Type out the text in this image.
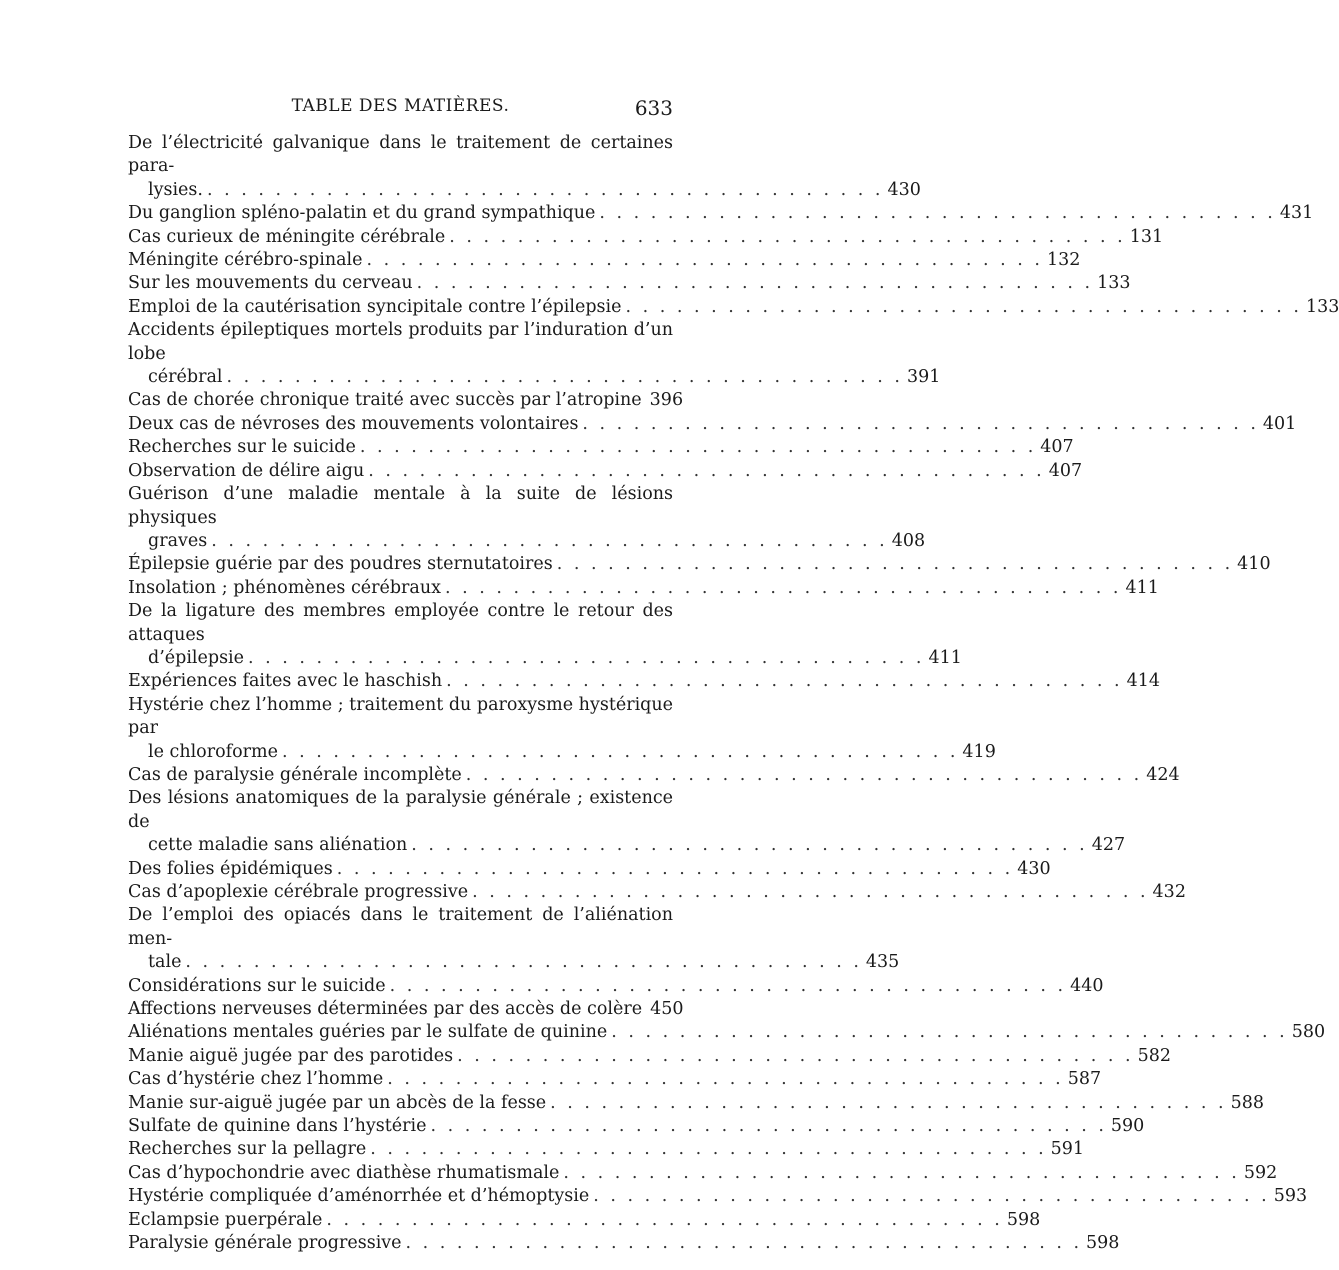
TABLE DES MATIÈRES.	633
De l’électricité galvanique dans le traitement de certaines para-
lysies. . . . . . . . . . . . . . . . . . . . . . . . . . . . . . . . . . . . . . . . . 430
Du ganglion spléno-palatin et du grand sympathique . . . . . . . . . . . . . . . . . . . . . . . . . . . . . . . . . . . . . . . . 431
Cas curieux de méningite cérébrale . . . . . . . . . . . . . . . . . . . . . . . . . . . . . . . . . . . . . . . . 131
Méningite cérébro-spinale . . . . . . . . . . . . . . . . . . . . . . . . . . . . . . . . . . . . . . . . 132
Sur les mouvements du cerveau . . . . . . . . . . . . . . . . . . . . . . . . . . . . . . . . . . . . . . . . 133
Emploi de la cautérisation syncipitale contre l’épilepsie . . . . . . . . . . . . . . . . . . . . . . . . . . . . . . . . . . . . . . . . 133
Accidents épileptiques mortels produits par l’induration d’un lobe
cérébral . . . . . . . . . . . . . . . . . . . . . . . . . . . . . . . . . . . . . . . . 391
Cas de chorée chronique traité avec succès par l’atropine 396
Deux cas de névroses des mouvements volontaires . . . . . . . . . . . . . . . . . . . . . . . . . . . . . . . . . . . . . . . . 401
Recherches sur le suicide . . . . . . . . . . . . . . . . . . . . . . . . . . . . . . . . . . . . . . . . 407
Observation de délire aigu . . . . . . . . . . . . . . . . . . . . . . . . . . . . . . . . . . . . . . . . 407
Guérison d’une maladie mentale à la suite de lésions physiques
graves . . . . . . . . . . . . . . . . . . . . . . . . . . . . . . . . . . . . . . . . 408
Épilepsie guérie par des poudres sternutatoires . . . . . . . . . . . . . . . . . . . . . . . . . . . . . . . . . . . . . . . . 410
Insolation ; phénomènes cérébraux . . . . . . . . . . . . . . . . . . . . . . . . . . . . . . . . . . . . . . . . 411
De la ligature des membres employée contre le retour des attaques
d’épilepsie . . . . . . . . . . . . . . . . . . . . . . . . . . . . . . . . . . . . . . . . 411
Expériences faites avec le haschish . . . . . . . . . . . . . . . . . . . . . . . . . . . . . . . . . . . . . . . . 414
Hystérie chez l’homme ; traitement du paroxysme hystérique par
le chloroforme . . . . . . . . . . . . . . . . . . . . . . . . . . . . . . . . . . . . . . . . 419
Cas de paralysie générale incomplète . . . . . . . . . . . . . . . . . . . . . . . . . . . . . . . . . . . . . . . . 424
Des lésions anatomiques de la paralysie générale ; existence de
cette maladie sans aliénation . . . . . . . . . . . . . . . . . . . . . . . . . . . . . . . . . . . . . . . . 427
Des folies épidémiques . . . . . . . . . . . . . . . . . . . . . . . . . . . . . . . . . . . . . . . . 430
Cas d’apoplexie cérébrale progressive . . . . . . . . . . . . . . . . . . . . . . . . . . . . . . . . . . . . . . . . 432
De l’emploi des opiacés dans le traitement de l’aliénation men-
tale . . . . . . . . . . . . . . . . . . . . . . . . . . . . . . . . . . . . . . . . 435
Considérations sur le suicide . . . . . . . . . . . . . . . . . . . . . . . . . . . . . . . . . . . . . . . . 440
Affections nerveuses déterminées par des accès de colère 450
Aliénations mentales guéries par le sulfate de quinine . . . . . . . . . . . . . . . . . . . . . . . . . . . . . . . . . . . . . . . . 580
Manie aiguë jugée par des parotides . . . . . . . . . . . . . . . . . . . . . . . . . . . . . . . . . . . . . . . . 582
Cas d’hystérie chez l’homme . . . . . . . . . . . . . . . . . . . . . . . . . . . . . . . . . . . . . . . . 587
Manie sur-aiguë jugée par un abcès de la fesse . . . . . . . . . . . . . . . . . . . . . . . . . . . . . . . . . . . . . . . . 588
Sulfate de quinine dans l’hystérie . . . . . . . . . . . . . . . . . . . . . . . . . . . . . . . . . . . . . . . . 590
Recherches sur la pellagre . . . . . . . . . . . . . . . . . . . . . . . . . . . . . . . . . . . . . . . . 591
Cas d’hypochondrie avec diathèse rhumatismale . . . . . . . . . . . . . . . . . . . . . . . . . . . . . . . . . . . . . . . . 592
Hystérie compliquée d’aménorrhée et d’hémoptysie . . . . . . . . . . . . . . . . . . . . . . . . . . . . . . . . . . . . . . . . 593
Eclampsie puerpérale . . . . . . . . . . . . . . . . . . . . . . . . . . . . . . . . . . . . . . . . 598
Paralysie générale progressive . . . . . . . . . . . . . . . . . . . . . . . . . . . . . . . . . . . . . . . . 598
